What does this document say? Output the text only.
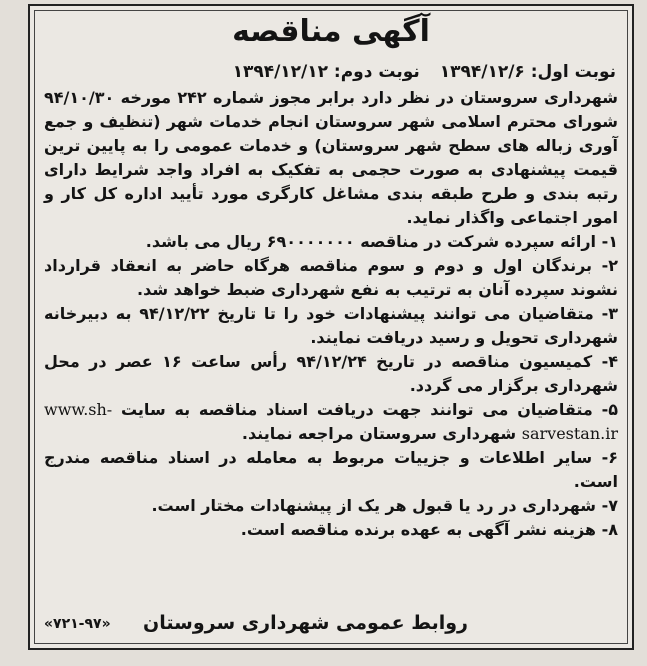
آگهی مناقصه
نوبت اول: ۱۳۹۴/۱۲/۶ نوبت دوم: ۱۳۹۴/۱۲/۱۲

شهرداری سروستان در نظر دارد برابر مجوز شماره ۲۴۲ مورخه ۹۴/۱۰/۳۰ شورای محترم اسلامی شهر سروستان انجام خدمات شهر (تنظیف و جمع آوری زباله های سطح شهر سروستان) و خدمات عمومی را به پایین ترین قیمت پیشنهادی به صورت حجمی به تفکیک به افراد واجد شرایط دارای رتبه بندی و طرح طبقه بندی مشاغل کارگری مورد تأیید اداره کل کار و امور اجتماعی واگذار نماید.

۱- ارائه سپرده شرکت در مناقصه ۶۹۰۰۰۰۰۰۰ ریال می باشد.

۲- برندگان اول و دوم و سوم مناقصه هرگاه حاضر به انعقاد قرارداد نشوند سپرده آنان به ترتیب به نفع شهرداری ضبط خواهد شد.

۳- متقاضیان می توانند پیشنهادات خود را تا تاریخ ۹۴/۱۲/۲۲ به دبیرخانه شهرداری تحویل و رسید دریافت نمایند.

۴- کمیسیون مناقصه در تاریخ ۹۴/۱۲/۲۴ رأس ساعت ۱۶ عصر در محل شهرداری برگزار می گردد.

۵- متقاضیان می توانند جهت دریافت اسناد مناقصه به سایت www.sh-sarvestan.ir شهرداری سروستان مراجعه نمایند.

۶- سایر اطلاعات و جزییات مربوط به معامله در اسناد مناقصه مندرج است.

۷- شهرداری در رد یا قبول هر یک از پیشنهادات مختار است.

۸- هزینه نشر آگهی به عهده برنده مناقصه است.

روابط عمومی شهرداری سروستان
«۷۲۱-۹۷»
